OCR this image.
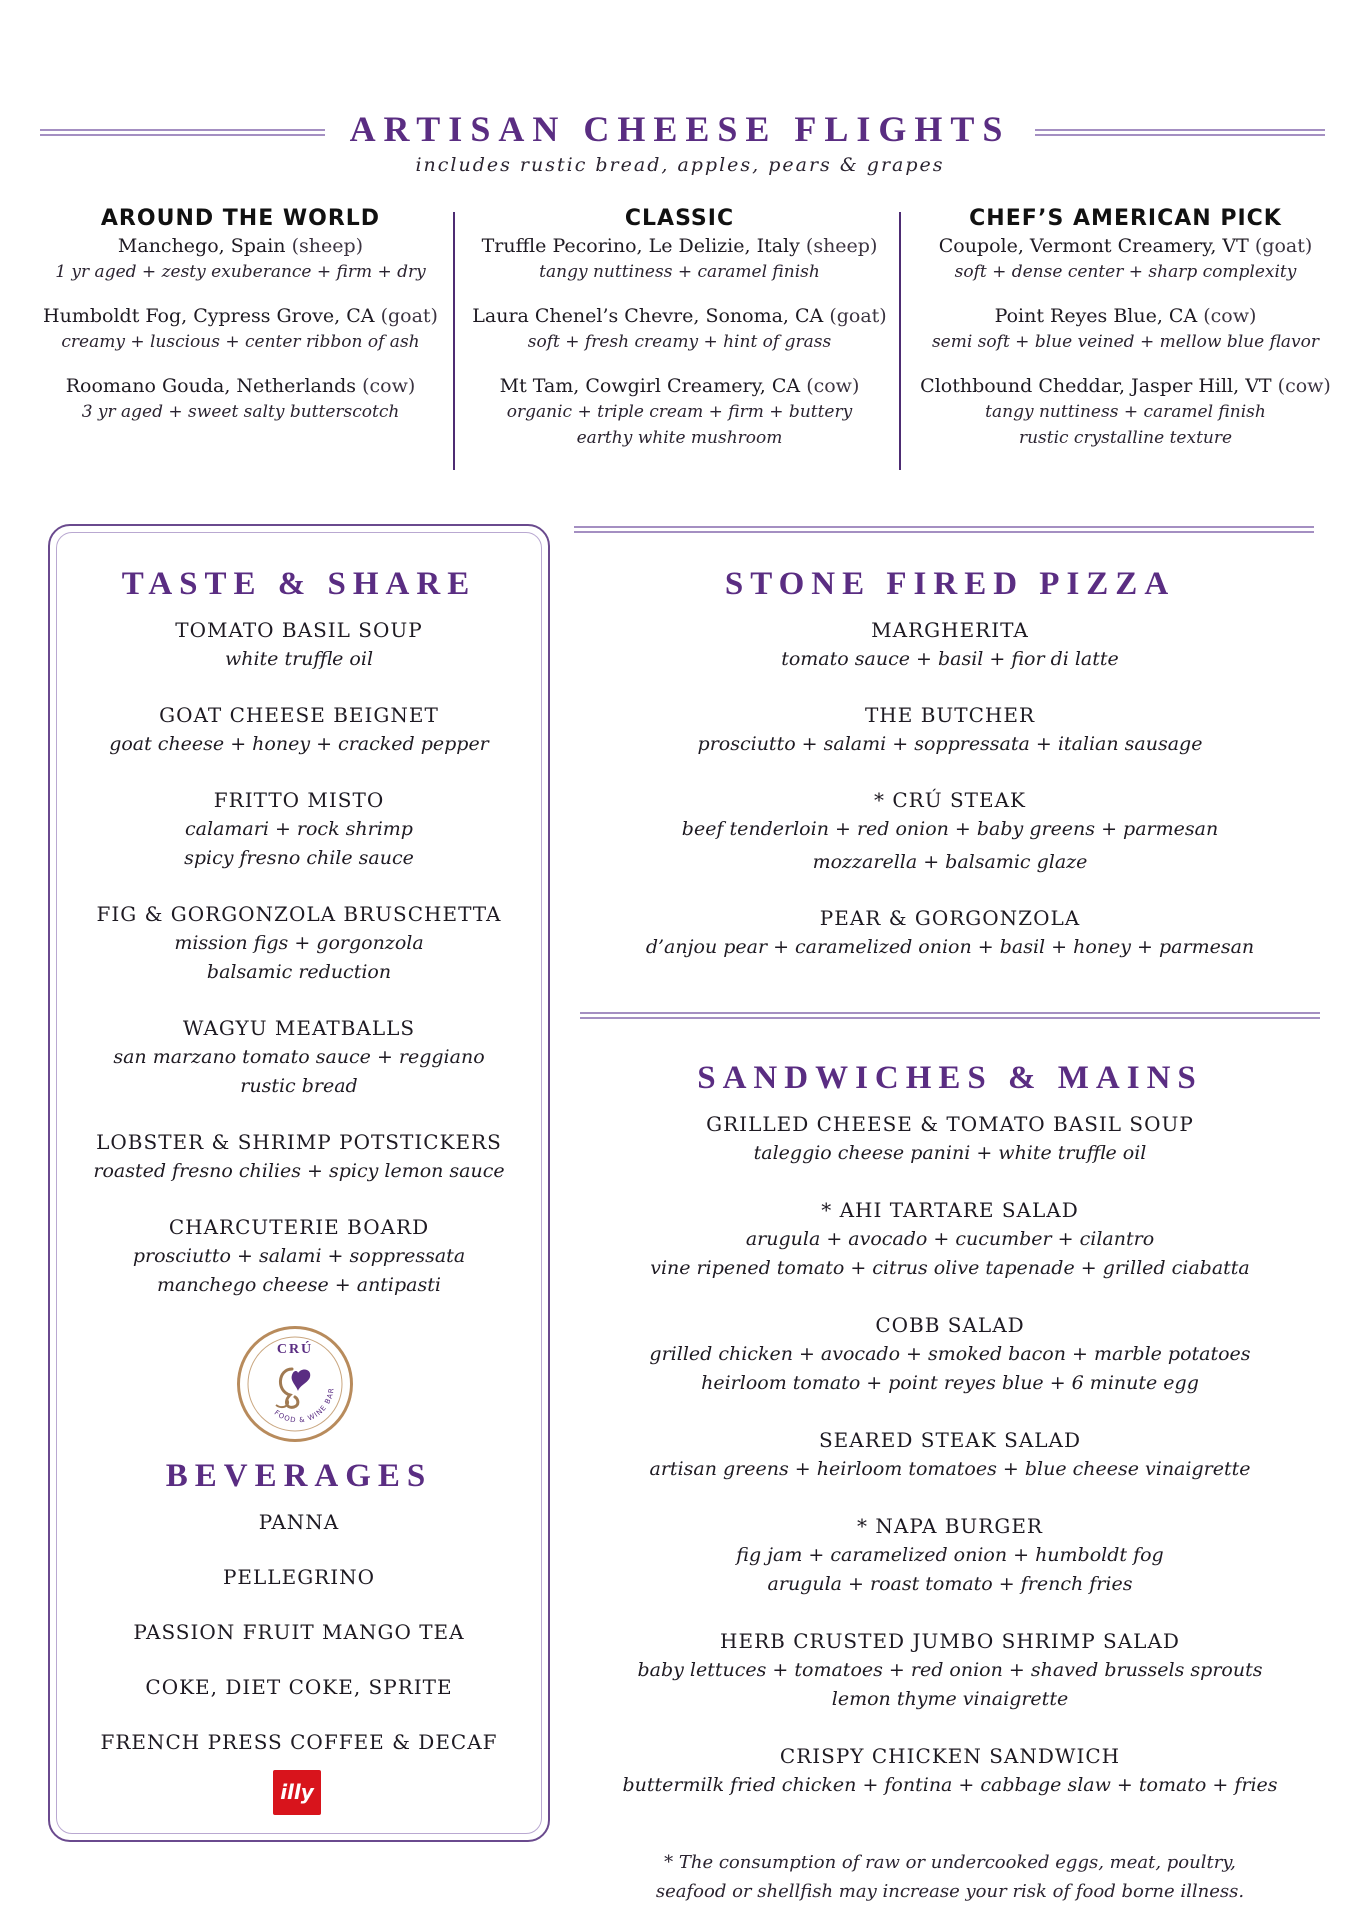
ARTISAN CHEESE FLIGHTS
includes rustic bread, apples, pears & grapes
AROUND THE WORLD
Manchego, Spain (sheep)
1 yr aged + zesty exuberance + firm + dry
Humboldt Fog, Cypress Grove, CA (goat)
creamy + luscious + center ribbon of ash
Roomano Gouda, Netherlands (cow)
3 yr aged + sweet salty butterscotch
CLASSIC
Truffle Pecorino, Le Delizie, Italy (sheep)
tangy nuttiness + caramel finish
Laura Chenel’s Chevre, Sonoma, CA (goat)
soft + fresh creamy + hint of grass
Mt Tam, Cowgirl Creamery, CA (cow)
organic + triple cream + firm + buttery
earthy white mushroom
CHEF’S AMERICAN PICK
Coupole, Vermont Creamery, VT (goat)
soft + dense center + sharp complexity
Point Reyes Blue, CA (cow)
semi soft + blue veined + mellow blue flavor
Clothbound Cheddar, Jasper Hill, VT (cow)
tangy nuttiness + caramel finish
rustic crystalline texture
TASTE & SHARE
TOMATO BASIL SOUP
white truffle oil
GOAT CHEESE BEIGNET
goat cheese + honey + cracked pepper
FRITTO MISTO
calamari + rock shrimp
spicy fresno chile sauce
FIG & GORGONZOLA BRUSCHETTA
mission figs + gorgonzola
balsamic reduction
WAGYU MEATBALLS
san marzano tomato sauce + reggiano
rustic bread
LOBSTER & SHRIMP POTSTICKERS
roasted fresno chilies + spicy lemon sauce
CHARCUTERIE BOARD
prosciutto + salami + soppressata
manchego cheese + antipasti
CRÚ
FOOD & WINE BAR
BEVERAGES
PANNA
PELLEGRINO
PASSION FRUIT MANGO TEA
COKE, DIET COKE, SPRITE
FRENCH PRESS COFFEE & DECAF
illy
STONE FIRED PIZZA
MARGHERITA
tomato sauce + basil + fior di latte
THE BUTCHER
prosciutto + salami + soppressata + italian sausage
* CRÚ STEAK
beef tenderloin + red onion + baby greens + parmesan
mozzarella + balsamic glaze
PEAR & GORGONZOLA
d’anjou pear + caramelized onion + basil + honey + parmesan
SANDWICHES & MAINS
GRILLED CHEESE & TOMATO BASIL SOUP
taleggio cheese panini + white truffle oil
* AHI TARTARE SALAD
arugula + avocado + cucumber + cilantro
vine ripened tomato + citrus olive tapenade + grilled ciabatta
COBB SALAD
grilled chicken + avocado + smoked bacon + marble potatoes
heirloom tomato + point reyes blue + 6 minute egg
SEARED STEAK SALAD
artisan greens + heirloom tomatoes + blue cheese vinaigrette
* NAPA BURGER
fig jam + caramelized onion + humboldt fog
arugula + roast tomato + french fries
HERB CRUSTED JUMBO SHRIMP SALAD
baby lettuces + tomatoes + red onion + shaved brussels sprouts
lemon thyme vinaigrette
CRISPY CHICKEN SANDWICH
buttermilk fried chicken + fontina + cabbage slaw + tomato + fries
* The consumption of raw or undercooked eggs, meat, poultry,
seafood or shellfish may increase your risk of food borne illness.
